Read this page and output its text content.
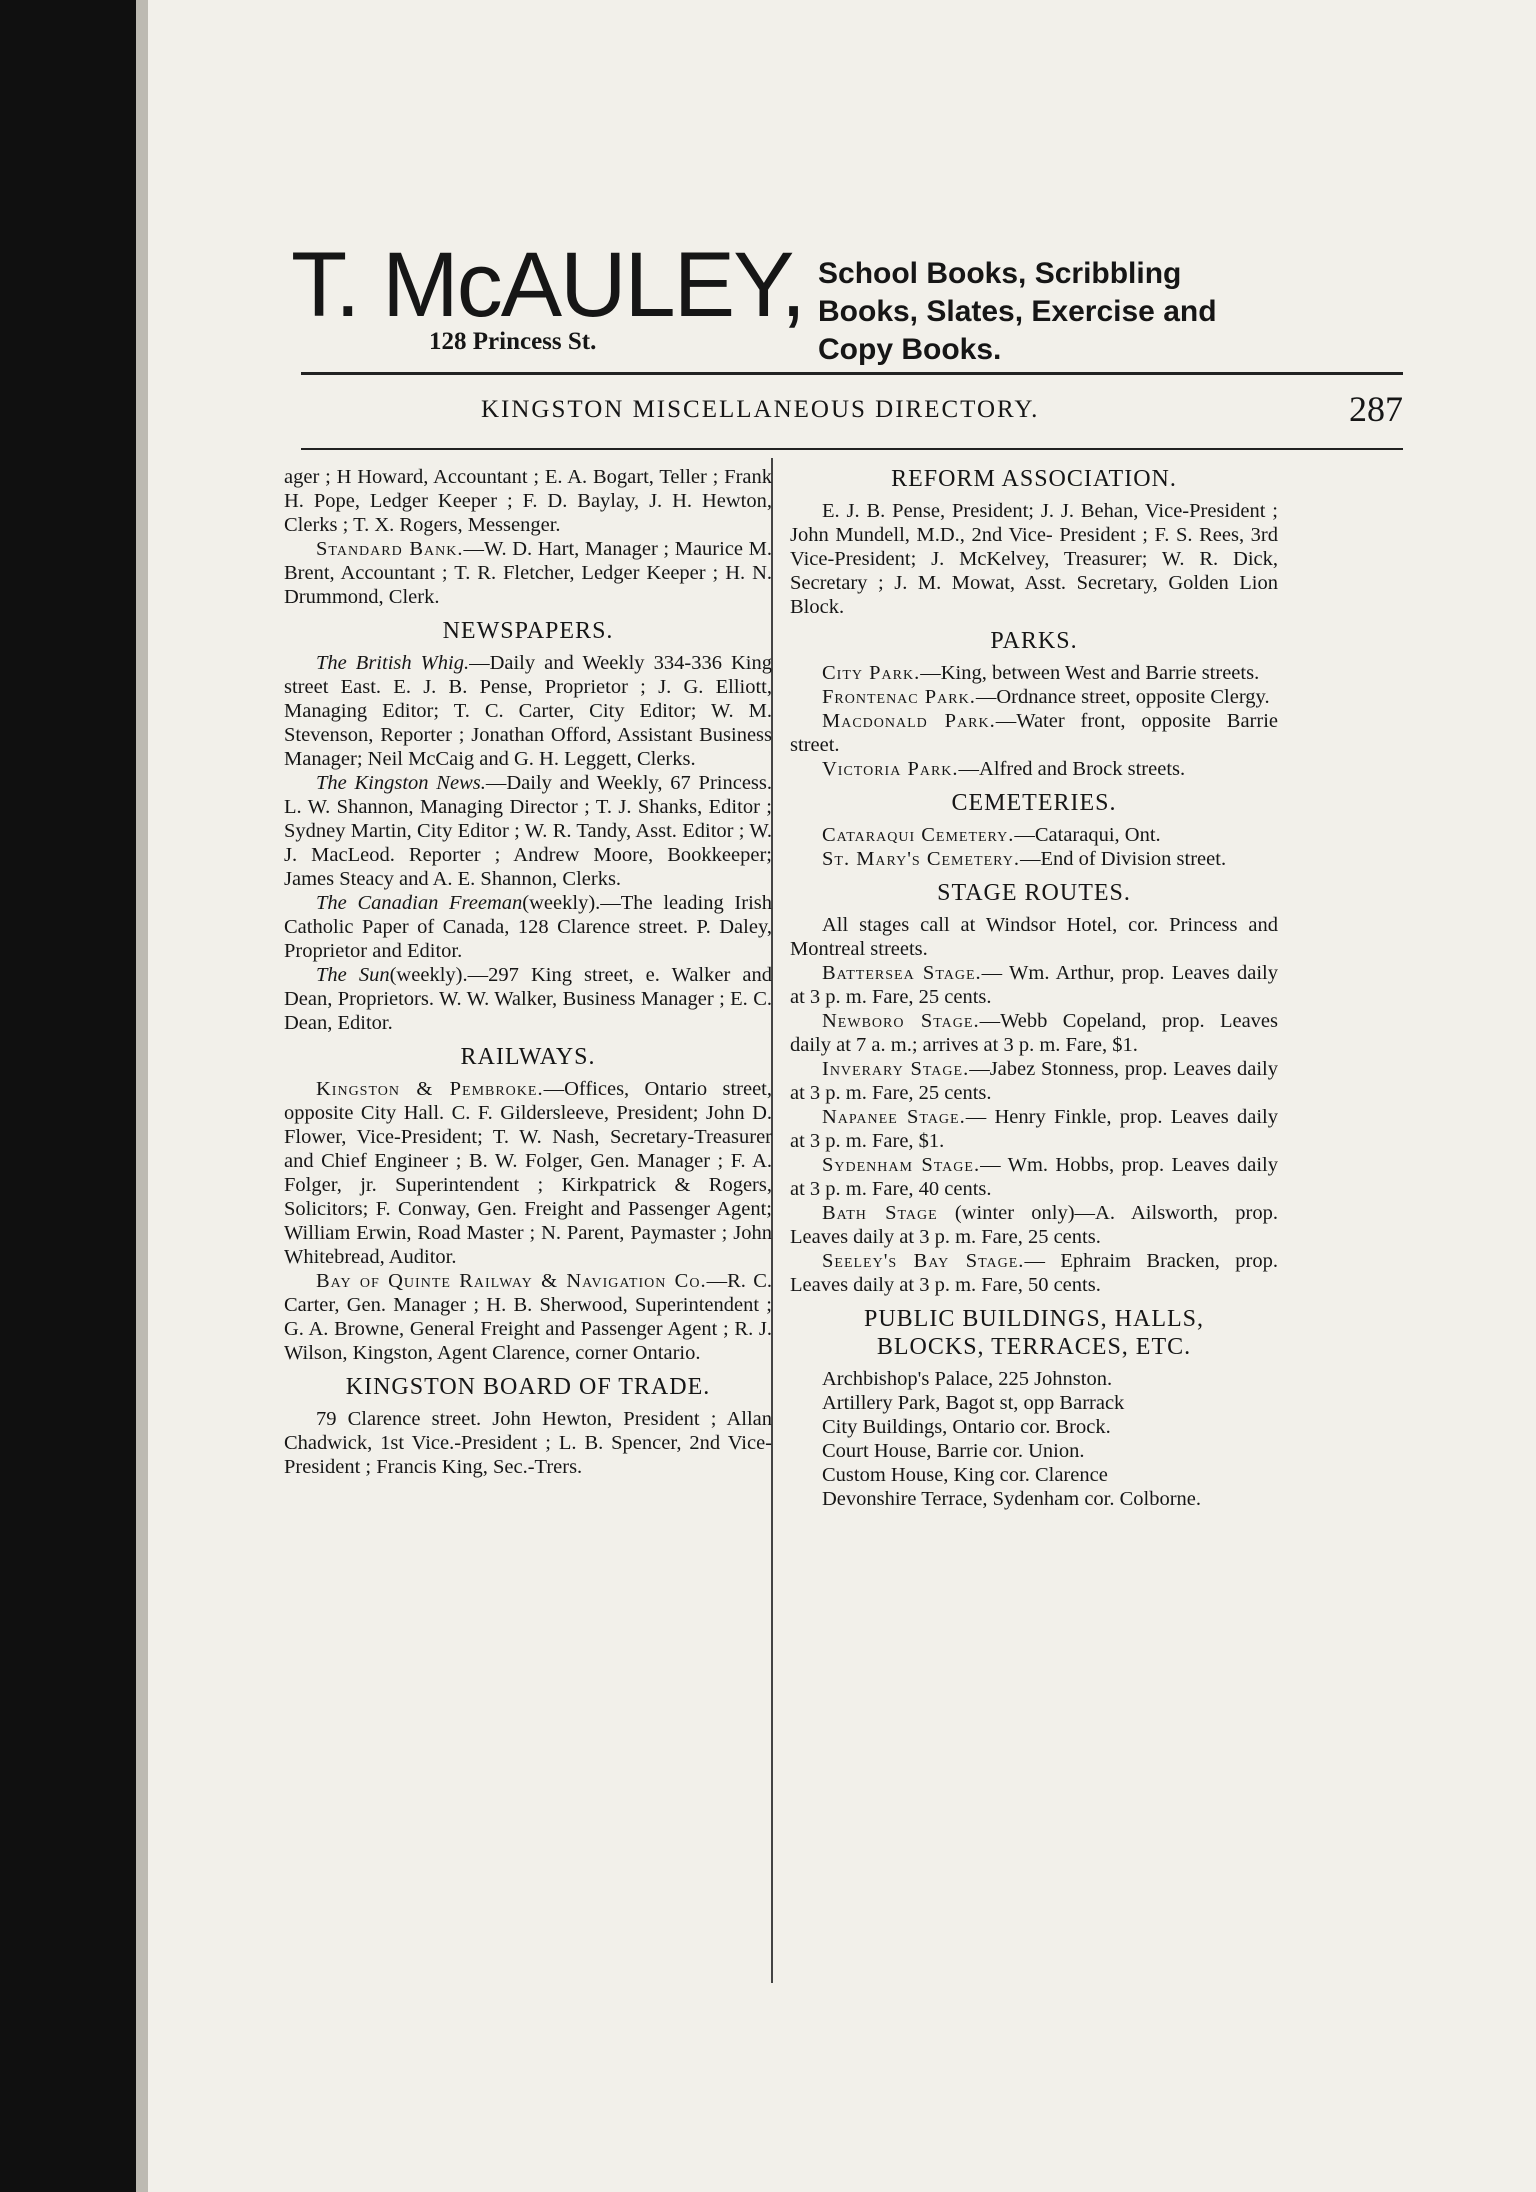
T. McAULEY,
128 Princess St.
School Books, Scribbling
Books, Slates, Exercise and
Copy Books.
KINGSTON MISCELLANEOUS DIRECTORY.	287

ager ; H Howard, Accountant ; E. A. Bogart, Teller ; Frank H. Pope, Ledger Keeper ; F. D. Baylay, J. H. Hewton, Clerks ; T. X. Rogers, Messenger.

Standard Bank.—W. D. Hart, Manager ; Maurice M. Brent, Accountant ; T. R. Fletcher, Ledger Keeper ; H. N. Drummond, Clerk.

NEWSPAPERS.

The British Whig.—Daily and Weekly 334-336 King street East. E. J. B. Pense, Proprietor ; J. G. Elliott, Managing Editor; T. C. Carter, City Editor; W. M. Stevenson, Reporter ; Jonathan Offord, Assistant Business Manager; Neil McCaig and G. H. Leggett, Clerks.

The Kingston News.—Daily and Weekly, 67 Princess. L. W. Shannon, Managing Director ; T. J. Shanks, Editor ; Sydney Martin, City Editor ; W. R. Tandy, Asst. Editor ; W. J. MacLeod. Reporter ; Andrew Moore, Bookkeeper; James Steacy and A. E. Shannon, Clerks.

The Canadian Freeman(weekly).—The leading Irish Catholic Paper of Canada, 128 Clarence street. P. Daley, Proprietor and Editor.

The Sun(weekly).—297 King street, e. Walker and Dean, Proprietors. W. W. Walker, Business Manager ; E. C. Dean, Editor.

RAILWAYS.

Kingston & Pembroke.—Offices, Ontario street, opposite City Hall. C. F. Gildersleeve, President; John D. Flower, Vice-President; T. W. Nash, Secretary-Treasurer and Chief Engineer ; B. W. Folger, Gen. Manager ; F. A. Folger, jr. Superintendent ; Kirkpatrick & Rogers, Solicitors; F. Conway, Gen. Freight and Passenger Agent; William Erwin, Road Master ; N. Parent, Paymaster ; John Whitebread, Auditor.

Bay of Quinte Railway & Navigation Co.—R. C. Carter, Gen. Manager ; H. B. Sherwood, Superintendent ; G. A. Browne, General Freight and Passenger Agent ; R. J. Wilson, Kingston, Agent Clarence, corner Ontario.

KINGSTON BOARD OF TRADE.

79 Clarence street. John Hewton, President ; Allan Chadwick, 1st Vice.-President ; L. B. Spencer, 2nd Vice-President ; Francis King, Sec.-Trers.

REFORM ASSOCIATION.

E. J. B. Pense, President; J. J. Behan, Vice-President ; John Mundell, M.D., 2nd Vice- President ; F. S. Rees, 3rd Vice-President; J. McKelvey, Treasurer; W. R. Dick, Secretary ; J. M. Mowat, Asst. Secretary, Golden Lion Block.

PARKS.

City Park.—King, between West and Barrie streets.

Frontenac Park.—Ordnance street, opposite Clergy.

Macdonald Park.—Water front, opposite Barrie street.

Victoria Park.—Alfred and Brock streets.

CEMETERIES.

Cataraqui Cemetery.—Cataraqui, Ont.

St. Mary's Cemetery.—End of Division street.

STAGE ROUTES.

All stages call at Windsor Hotel, cor. Princess and Montreal streets.

Battersea Stage.— Wm. Arthur, prop. Leaves daily at 3 p. m. Fare, 25 cents.

Newboro Stage.—Webb Copeland, prop. Leaves daily at 7 a. m.; arrives at 3 p. m. Fare, $1.

Inverary Stage.—Jabez Stonness, prop. Leaves daily at 3 p. m. Fare, 25 cents.

Napanee Stage.— Henry Finkle, prop. Leaves daily at 3 p. m. Fare, $1.

Sydenham Stage.— Wm. Hobbs, prop. Leaves daily at 3 p. m. Fare, 40 cents.

Bath Stage (winter only)—A. Ailsworth, prop. Leaves daily at 3 p. m. Fare, 25 cents.

Seeley's Bay Stage.— Ephraim Bracken, prop. Leaves daily at 3 p. m. Fare, 50 cents.

PUBLIC BUILDINGS, HALLS,
BLOCKS, TERRACES, ETC.

Archbishop's Palace, 225 Johnston.
Artillery Park, Bagot st, opp Barrack
City Buildings, Ontario cor. Brock.
Court House, Barrie cor. Union.
Custom House, King cor. Clarence
Devonshire Terrace, Sydenham cor. Colborne.
